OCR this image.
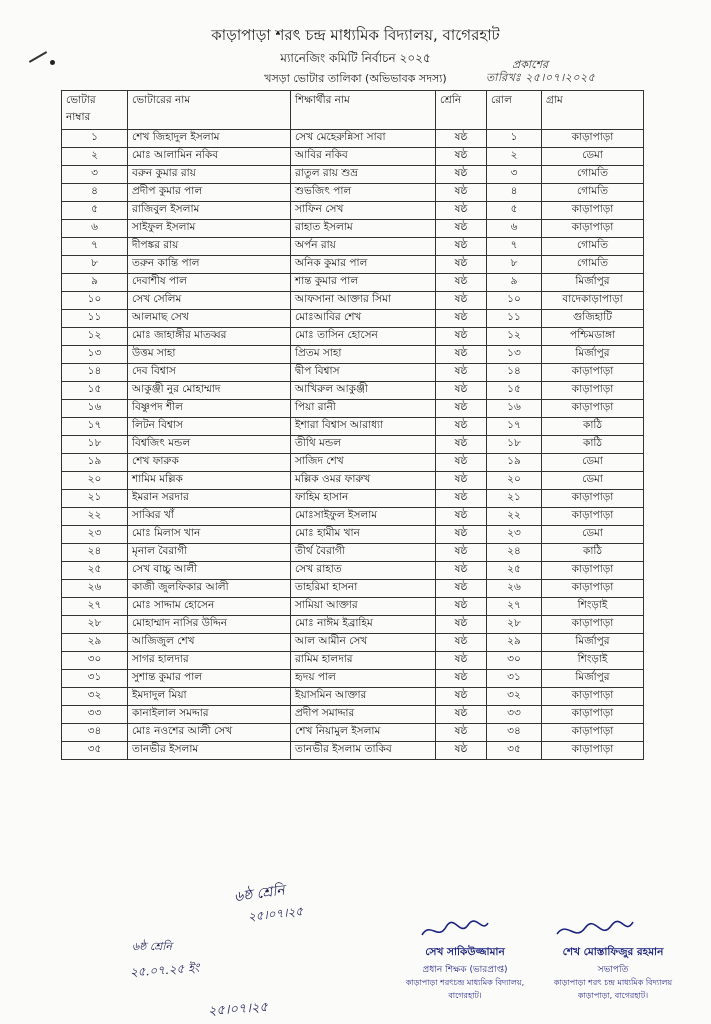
কাড়াপাড়া শরৎ চন্দ্র মাধ্যমিক বিদ্যালয়, বাগেরহাট
ম্যানেজিং কমিটি নির্বাচন ২০২৫
খসড়া ভোটার তালিকা (অভিভাবক সদস্য)
প্রকাশের
তারিখঃ ২৫।০৭।২০২৫
ভোটার নাম্বার	ভোটারের নাম	শিক্ষার্থীর নাম	শ্রেনি	রোল	গ্রাম
১	শেখ জিহাদুল ইসলাম	সেখ মেহেরুন্নিসা সাবা	ষষ্ঠ	১	কাড়াপাড়া
২	মোঃ আলামিন নকিব	আবির নকিব	ষষ্ঠ	২	ডেমা
৩	বরুন কুমার রায়	রাতুল রায় শুভ্র	ষষ্ঠ	৩	গোমতি
৪	প্রদীপ কুমার পাল	শুভজিৎ পাল	ষষ্ঠ	৪	গোমতি
৫	রাজিবুল ইসলাম	সাফিন সেখ	ষষ্ঠ	৫	কাড়াপাড়া
৬	সাইফুল ইসলাম	রাহাত ইসলাম	ষষ্ঠ	৬	কাড়াপাড়া
৭	দীপঙ্কর রায়	অর্পন রায়	ষষ্ঠ	৭	গোমতি
৮	তরুন কান্তি পাল	অনিক কুমার পাল	ষষ্ঠ	৮	গোমতি
৯	দেবাশীষ পাল	শান্ত কুমার পাল	ষষ্ঠ	৯	মির্জাপুর
১০	সেখ সেলিম	আফসানা আক্তার সিমা	ষষ্ঠ	১০	বাদেকাড়াপাড়া
১১	আলমাছ সেখ	মোঃআবির শেখ	ষষ্ঠ	১১	গুজিহাটি
১২	মোঃ জাহাঙ্গীর মাতব্বর	মোঃ তাসিন হোসেন	ষষ্ঠ	১২	পশ্চিমডাঙ্গা
১৩	উত্তম সাহা	প্রিতম সাহা	ষষ্ঠ	১৩	মির্জাপুর
১৪	দেব বিশ্বাস	দ্বীপ বিশ্বাস	ষষ্ঠ	১৪	কাড়াপাড়া
১৫	আকুঞ্জী নুর মোহাম্মাদ	আখিরুল আকুঞ্জী	ষষ্ঠ	১৫	কাড়াপাড়া
১৬	বিষ্ণুপদ শীল	পিয়া রানী	ষষ্ঠ	১৬	কাড়াপাড়া
১৭	লিটন বিশ্বাস	ইশারা বিশ্বাস আরাধ্যা	ষষ্ঠ	১৭	কাঠি
১৮	বিশ্বজিৎ মন্ডল	তীথি মন্ডল	ষষ্ঠ	১৮	কাঠি
১৯	শেখ ফারুক	সাজিদ শেখ	ষষ্ঠ	১৯	ডেমা
২০	শামিম মল্লিক	মল্লিক ওমর ফারুখ	ষষ্ঠ	২০	ডেমা
২১	ইমরান সরদার	ফাহিম হাসান	ষষ্ঠ	২১	কাড়াপাড়া
২২	সাব্বির খাঁ	মোঃসাইফুল ইসলাম	ষষ্ঠ	২২	কাড়াপাড়া
২৩	মোঃ মিলাস খান	মোঃ হামীম খান	ষষ্ঠ	২৩	ডেমা
২৪	মৃনাল বৈরাগী	তীর্থ বৈরাগী	ষষ্ঠ	২৪	কাঠি
২৫	সেখ বাচ্চু আলী	সেখ রাহাত	ষষ্ঠ	২৫	কাড়াপাড়া
২৬	কাজী জুলফিকার আলী	তাহরিমা হাসনা	ষষ্ঠ	২৬	কাড়াপাড়া
২৭	মোঃ সাদ্দাম হোসেন	সামিয়া আক্তার	ষষ্ঠ	২৭	শিংড়াই
২৮	মোহাম্মাদ নাসির উদ্দিন	মোঃ নাঈম ইব্রাহিম	ষষ্ঠ	২৮	কাড়াপাড়া
২৯	আজিজুল শেখ	আল আমীন সেখ	ষষ্ঠ	২৯	মির্জাপুর
৩০	সাগর হালদার	রামিম হালদার	ষষ্ঠ	৩০	শিংড়াই
৩১	সুশান্ত কুমার পাল	হৃদয় পাল	ষষ্ঠ	৩১	মির্জাপুর
৩২	ইমদাদুল মিয়া	ইয়াসমিন আক্তার	ষষ্ঠ	৩২	কাড়াপাড়া
৩৩	কানাইলাল সমদ্দার	প্রদীপ সমাদ্দার	ষষ্ঠ	৩৩	কাড়াপাড়া
৩৪	মোঃ নওশের আলী সেখ	শেখ নিয়ামুল ইসলাম	ষষ্ঠ	৩৪	কাড়াপাড়া
৩৫	তানভীর ইসলাম	তানভীর ইসলাম তাকিব	ষষ্ঠ	৩৫	কাড়াপাড়া
৬ষ্ঠ শ্রেনি
২৫।০৭।২৫
৬ষ্ঠ শ্রেনি
২৫.০৭.২৫ ইং
২৫।০৭।২৫
সেখ সাকিউজ্জামান
প্রধান শিক্ষক (ভারপ্রাপ্ত)
কাড়াপাড়া শরৎচন্দ্র মাধ্যমিক বিদ্যালয়, বাগেরহাট।
শেখ মোস্তাফিজুর রহমান
সভাপতি
কাড়াপাড়া শরৎ চন্দ্র মাধ্যমিক বিদ্যালয়
কাড়াপাড়া, বাগেরহাট।
